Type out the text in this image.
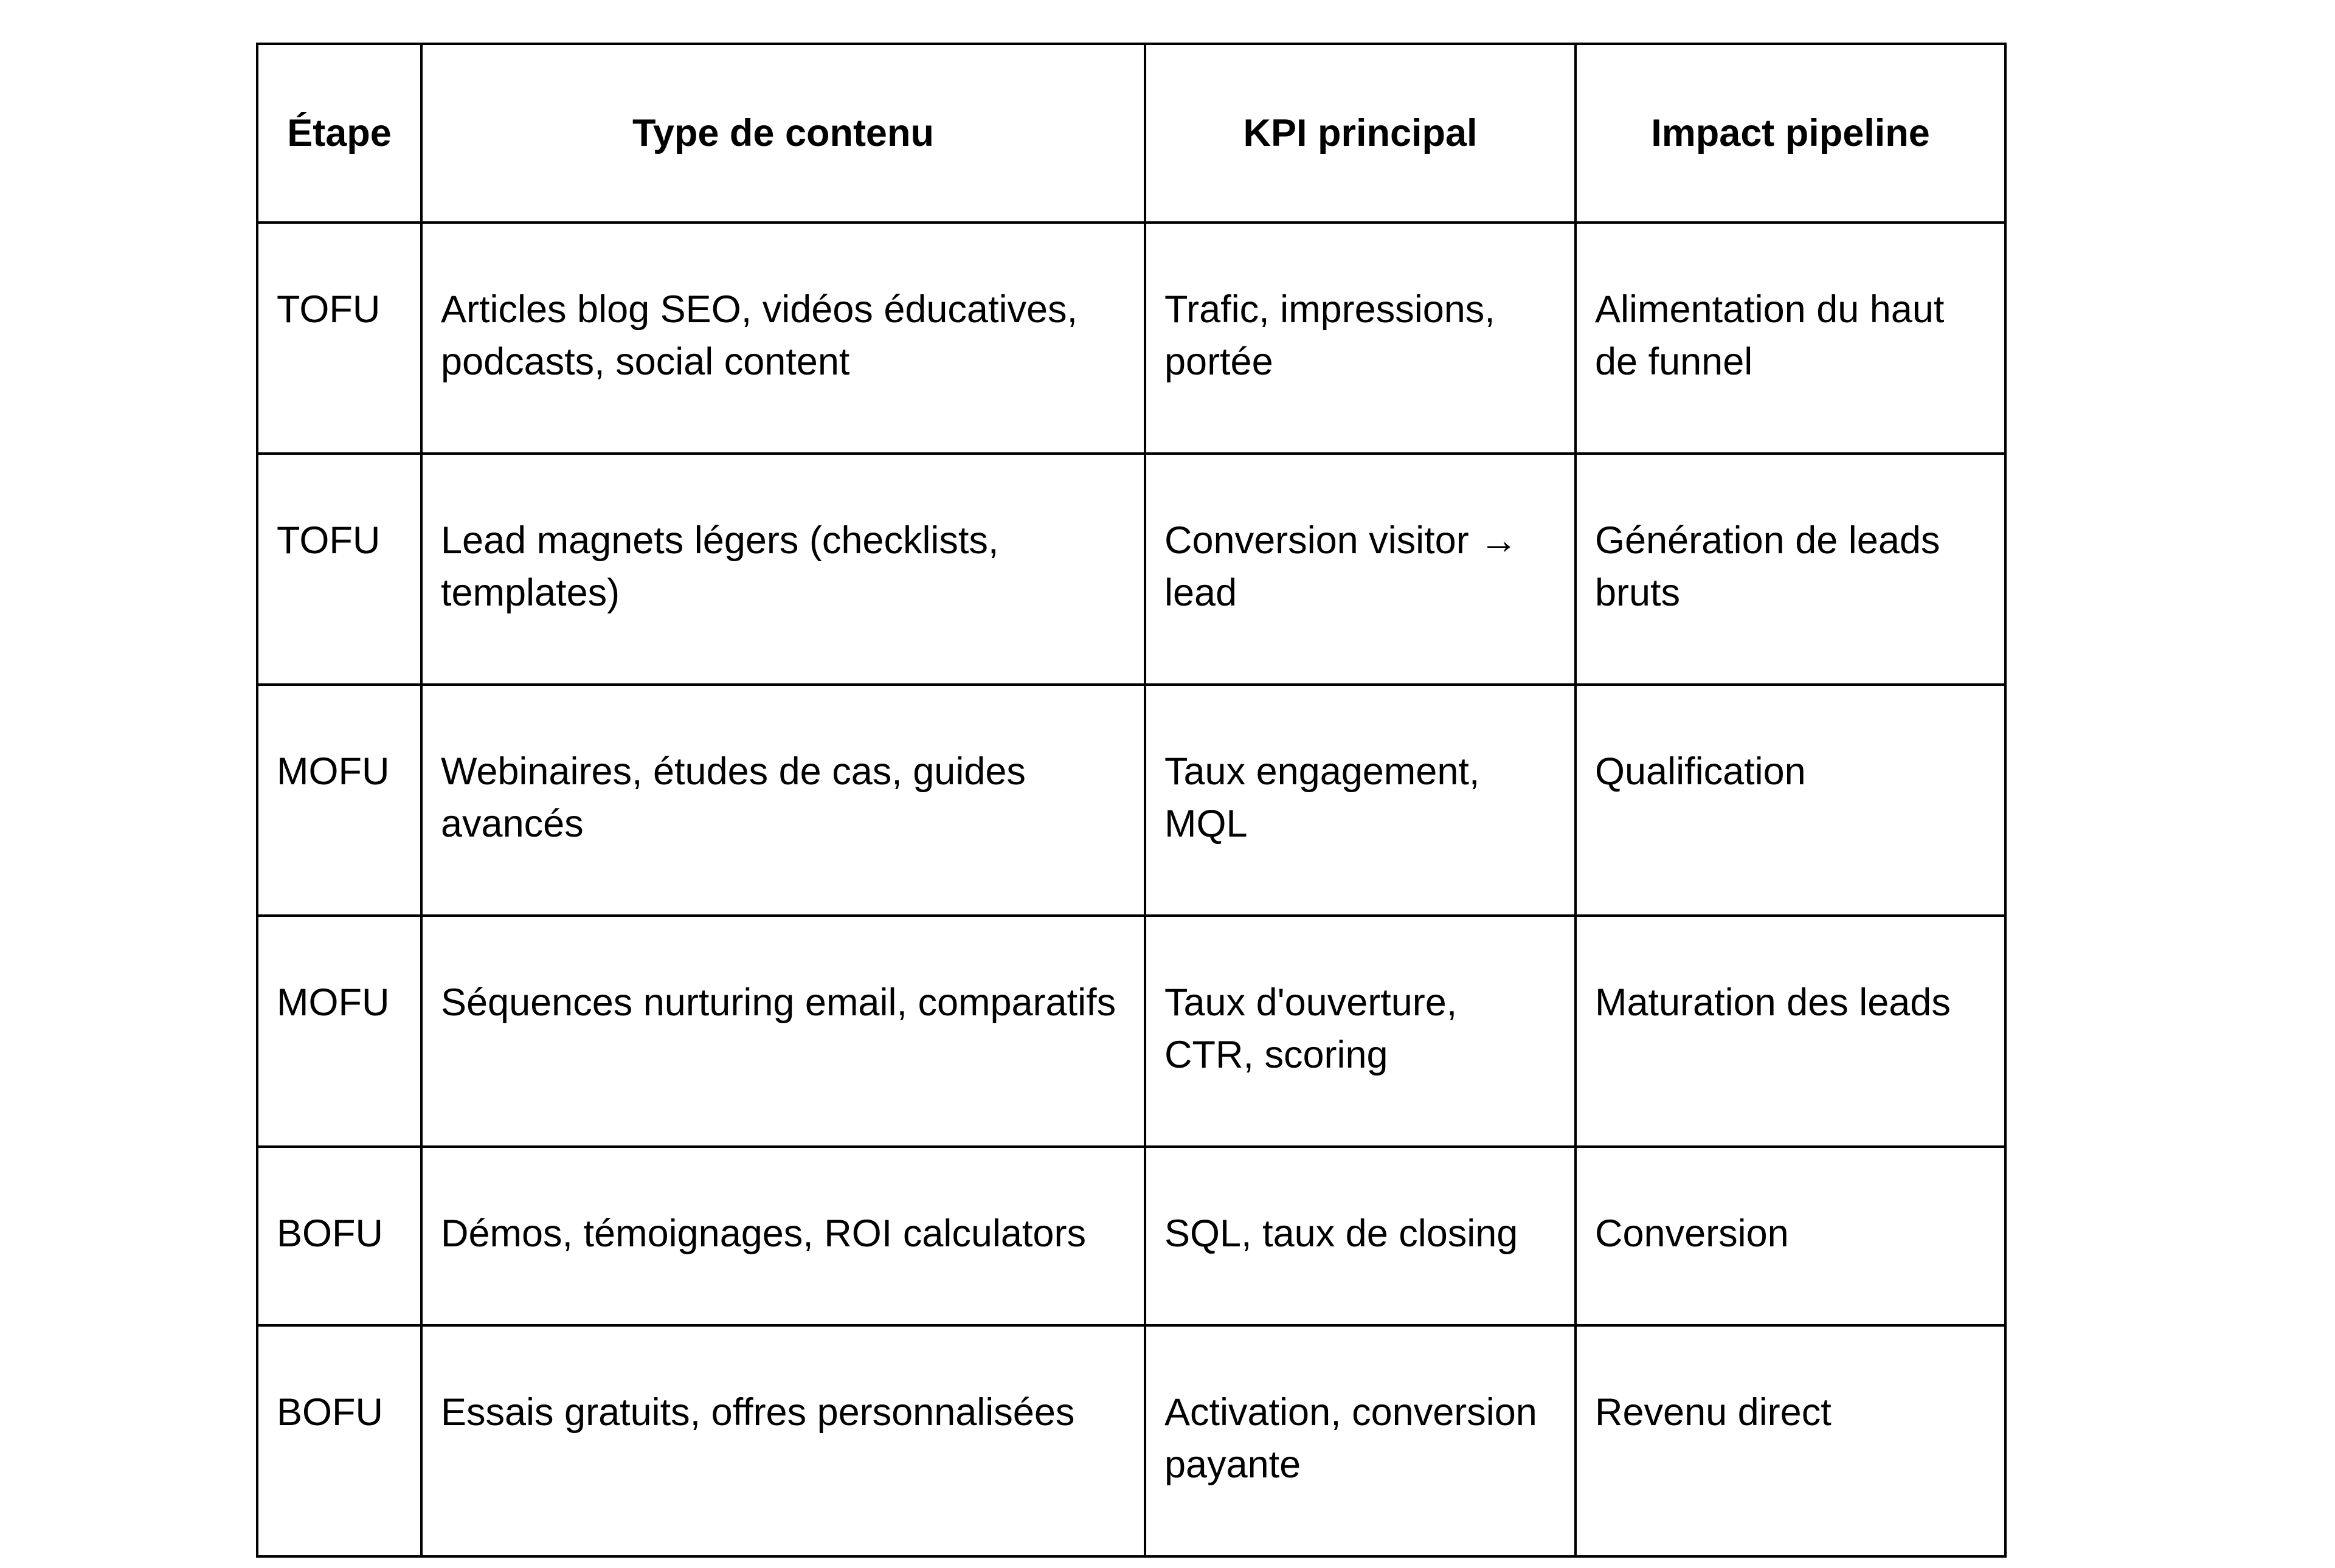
Étape	Type de contenu	KPI principal	Impact pipeline
TOFU	Articles blog SEO, vidéos éducatives, podcasts, social content	Trafic, impressions, portée	Alimentation du haut de funnel
TOFU	Lead magnets légers (checklists, templates)	Conversion visitor → lead	Génération de leads bruts
MOFU	Webinaires, études de cas, guides avancés	Taux engagement, MQL	Qualification
MOFU	Séquences nurturing email, comparatifs	Taux d'ouverture, CTR, scoring	Maturation des leads
BOFU	Démos, témoignages, ROI calculators	SQL, taux de closing	Conversion
BOFU	Essais gratuits, offres personnalisées	Activation, conversion payante	Revenu direct
